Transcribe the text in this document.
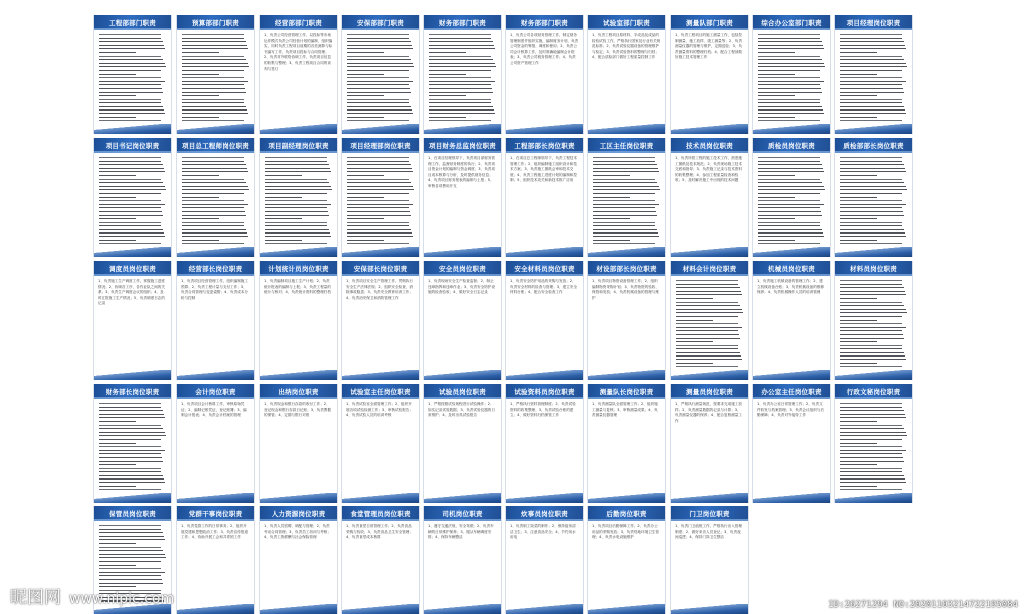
工程部部门职责	预算部部门职责	经营部部门职责
1、负责公司经营管理工作，以投标等市场运作模式负责公司经营计划的编制、组织落实，同时负责工程项目前期的各类测算与标书编写工作，负责项目投标与合同管理；2、负责对外联络协调工作，负责项目信息的收集与整理；3、负责工程项目合同的谈判与签订
安保部部门职责	财务部部门职责	财务部部门职责
1、负责公司各项财务管理工作，制定财务管理制度并组织实施，编制财务计划，负责公司资金的筹措、调度和使用；2、负责公司会计核算工作，及时准确地编制会计报表；3、负责公司税务管理工作；4、负责公司资产管理工作
试验室部门职责
1、负责工程项目原材料、半成品及成品的检验试验工作，严格执行国家及行业有关规范标准；2、负责试验仪器设备的管理维护与检定；3、负责试验资料的整理与归档；4、配合质检部门做好工程质量控制工作
测量队部门职责
1、负责工程项目的施工测量工作，包括控制测量、施工放样、竣工测量等；2、负责测量仪器的管理与维护，定期送检；3、负责测量资料的整理归档；4、配合工程部做好施工技术管理工作
综合办公室部门职责	项目经理岗位职责
项目书记岗位职责	项目总工程师岗位职责	项目副经理岗位职责	项目经理部岗位职责	项目财务总监岗位职责
1、在项目经理领导下，负责项目部财务管理工作，监督财务制度的执行；2、负责项目资金计划的编制与资金调度；3、负责项目成本核算与分析，及时提供财务信息；4、负责项目财务报表的编制与上报；5、审核各项费用开支
工程部部长岗位职责
1、在项目总工程师领导下，负责工程技术管理工作；2、组织编制施工组织设计和技术方案；3、负责施工图纸会审和技术交底；4、负责工程施工进度计划的编制和控制；5、组织技术攻关和新技术推广应用
工区主任岗位职责	技术员岗位职责
1、负责所管工程的施工技术工作，熟悉施工图纸及技术规范；2、负责现场施工技术交底和指导；3、负责施工记录与技术资料的收集整理；4、参加工程质量检查和验收；5、及时解决施工中出现的技术问题
质检员岗位职责	质检部部长岗位职责
调度员岗位职责
1、负责施工生产调度工作，掌握施工进度情况；2、协调各工序、各作业队之间的关系；3、负责生产调度会议的组织；4、及时汇报施工生产情况；5、负责调度日志的记录
经营部长岗位职责
1、负责项目经营管理工作，组织编制施工预算；2、负责工程计量与支付工作；3、负责合同管理与变更索赔；4、负责成本分析与控制
计划统计员岗位职责
1、负责编制项目施工生产计划；2、负责统计报表的编制与上报；3、负责工程量的统计与核对；4、负责统计资料的整理归档
安保部长岗位职责
1、负责项目安全生产管理工作，贯彻执行安全生产法律法规；2、组织安全检查，消除事故隐患；3、负责安全教育培训工作；4、负责治安保卫和消防管理工作
安全员岗位职责
1、负责现场安全生产检查监督；2、制止违章指挥和违章作业；3、负责安全防护设施的检查验收；4、做好安全日志记录
安全材料员岗位职责
1、负责安全防护用品的采购与发放；2、负责安全材料的检查与管理；3、建立安全材料台账；4、配合安全检查工作
材设部部长岗位职责
1、负责项目物资设备管理工作；2、组织编制物资采购计划；3、负责物资的验收、保管和发放；4、负责机械设备的管理与维护
材料会计岗位职责	机械员岗位职责
1、负责施工机械设备的管理工作；2、建立机械设备台账；3、负责机械设备的维修保养；4、负责机械操作人员的培训管理
材料员岗位职责
财务部长岗位职责	会计岗位职责
1、负责项目会计核算工作，审核原始凭证；2、编制记账凭证，登记账簿；3、编制会计报表；4、负责会计档案的管理
出纳岗位职责
1、负责现金和银行存款的收付工作；2、登记现金和银行存款日记账；3、负责票据的保管；4、定期与银行对账
试验室主任岗位职责
1、负责试验室全面管理工作；2、组织开展各项试验检测工作；3、审核试验报告；4、负责试验人员的培训考核
试验员岗位职责
1、严格按照试验规程进行试验操作；2、如实记录试验数据；3、负责试验仪器的日常维护；4、及时出具试验报告
试验资料员岗位职责
1、严格执行资料管理制度；2、负责试验资料的收集整理；3、负责试验台账的建立；4、做好资料归档保管工作
测量队长岗位职责
1、负责测量队全面管理工作；2、组织施工测量与复核；3、审核测量成果；4、负责测量仪器管理
测量员岗位职责
1、严格执行测量规范，按要求完成施工放样；2、负责测量数据的记录与计算；3、负责测量仪器的保养；4、配合复核测量工作
办公室主任岗位职责
1、负责办公室日常管理工作；2、负责文件收发与档案管理；3、负责会议组织与后勤保障；4、负责对外接待工作
行政文秘岗位职责
保管员岗位职责	党群干事岗位职责
1、负责党群工作的日常事务；2、组织开展党建和思想政治工作；3、负责宣传报道工作；4、协助开展工会和共青团工作
人力资源岗位职责
1、负责人员招聘、调配与管理；2、负责劳动合同管理；3、负责员工培训与考核；4、负责工资薪酬与社会保险管理
食堂管理员岗位职责
1、负责食堂日常管理工作；2、负责食品采购与验收；3、负责食品卫生安全管理；4、负责食堂成本核算
司机岗位职责
1、遵守交通法规，安全驾驶；2、负责车辆的日常维护保养；3、服从车辆调度安排；4、保持车辆整洁
炊事员岗位职责
1、负责职工饭菜的制作；2、保持厨房清洁卫生；3、注意食品安全；4、节约用水用电
后勤岗位职责
1、负责项目后勤保障工作；2、负责办公用品的采购发放；3、负责驻地环境卫生管理；4、负责水电设施维护
门卫岗位职责
1、负责门卫值班工作，严格执行出入管理制度；2、做好来访人员登记；3、负责夜间巡逻；4、保持门岗卫生整洁
昵图网 www.nipic.com	ID:26271294 NO:20201103214722195084
